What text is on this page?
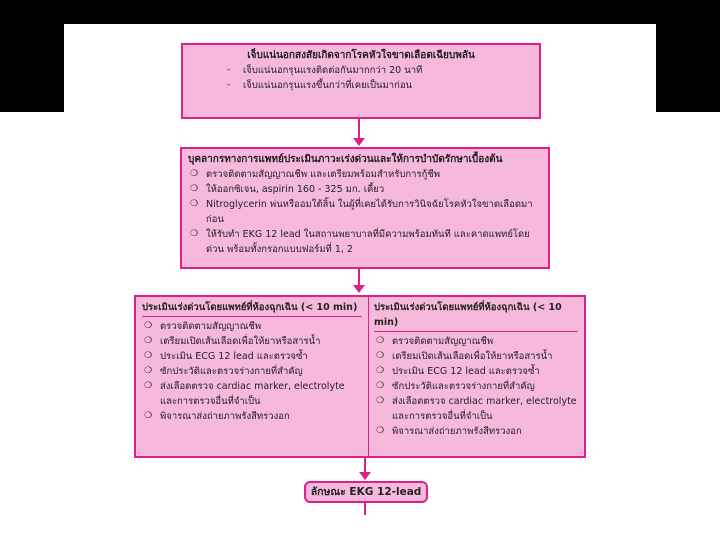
เจ็บแน่นอกสงสัยเกิดจากโรคหัวใจขาดเลือดเฉียบพลัน
- เจ็บแน่นอกรุนแรงติดต่อกันมากกว่า 20 นาที
- เจ็บแน่นอกรุนแรงขึ้นกว่าที่เคยเป็นมาก่อน
บุคลากรทางการแพทย์ประเมินภาวะเร่งด่วนและให้การบำบัดรักษาเบื้องต้น
❍ ตรวจติดตามสัญญาณชีพ และเตรียมพร้อมสำหรับการกู้ชีพ
❍ ให้ออกซิเจน, aspirin 160 - 325 มก. เคี้ยว
❍ Nitroglycerin พ่นหรืออมใต้ลิ้น ในผู้ที่เคยได้รับการวินิจฉัยโรคหัวใจขาดเลือดมาก่อน
❍ ให้รับทำ EKG 12 lead ในสถานพยาบาลที่มีความพร้อมทันที และคาดแพทย์โดยด่วน พร้อมทั้งกรอกแบบฟอร์มที่ 1, 2
ประเมินเร่งด่วนโดยแพทย์ที่ห้องฉุกเฉิน (< 10 min)
❍ ตรวจติดตามสัญญาณชีพ
❍ เตรียมเปิดเส้นเลือดเพื่อให้ยาหรือสารน้ำ
❍ ประเมิน ECG 12 lead และตรวจซ้ำ
❍ ซักประวัติและตรวจร่างกายที่สำคัญ
❍ ส่งเลือดตรวจ cardiac marker, electrolyte และการตรวจอื่นที่จำเป็น
❍ พิจารณาส่งถ่ายภาพรังสีทรวงอก
ประเมินเร่งด่วนโดยแพทย์ที่ห้องฉุกเฉิน (< 10 min)
❍ ตรวจติดตามสัญญาณชีพ
❍ เตรียมเปิดเส้นเลือดเพื่อให้ยาหรือสารน้ำ
❍ ประเมิน ECG 12 lead และตรวจซ้ำ
❍ ซักประวัติและตรวจร่างกายที่สำคัญ
❍ ส่งเลือดตรวจ cardiac marker, electrolyte และการตรวจอื่นที่จำเป็น
❍ พิจารณาส่งถ่ายภาพรังสีทรวงอก
ลักษณะ EKG 12-lead
